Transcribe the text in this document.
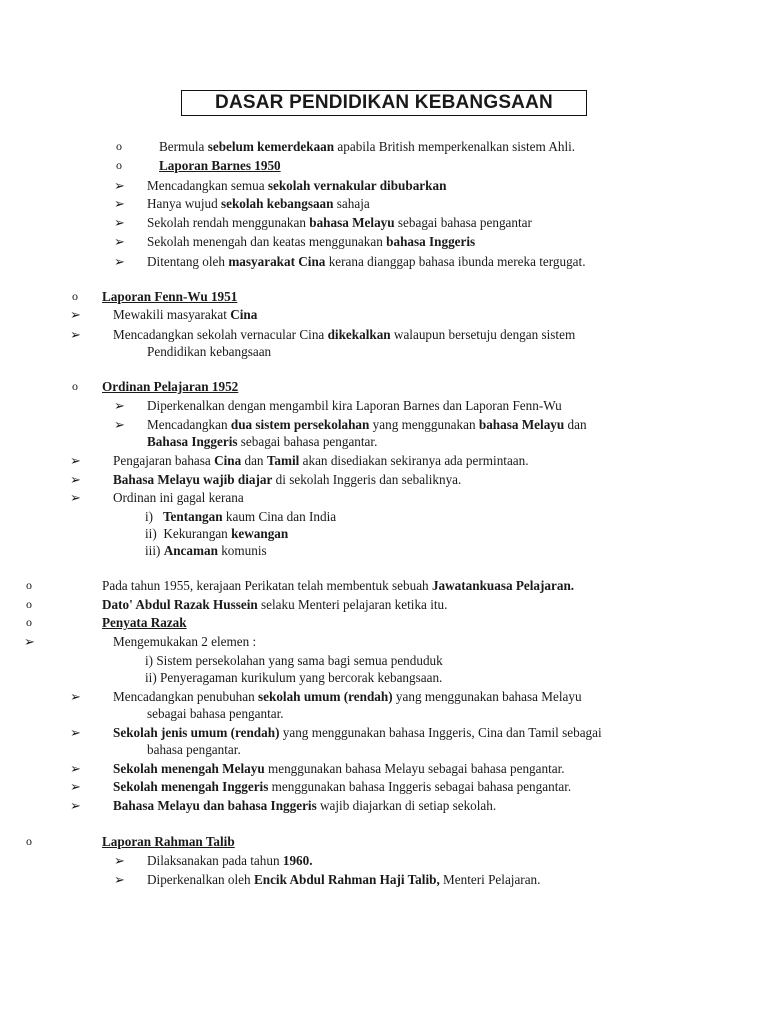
DASAR PENDIDIKAN KEBANGSAAN
o	Bermula sebelum kemerdekaan apabila British memperkenalkan sistem Ahli.
o	Laporan Barnes 1950
➢ Mencadangkan semua sekolah vernakular dibubarkan
➢ Hanya wujud sekolah kebangsaan sahaja
➢ Sekolah rendah menggunakan bahasa Melayu sebagai bahasa pengantar
➢ Sekolah menengah dan keatas menggunakan bahasa Inggeris
➢ Ditentang oleh masyarakat Cina kerana dianggap bahasa ibunda mereka tergugat.
o Laporan Fenn-Wu 1951
➢ Mewakili masyarakat Cina
➢ Mencadangkan sekolah vernacular Cina dikekalkan walaupun bersetuju dengan sistem
Pendidikan kebangsaan
o Ordinan Pelajaran 1952
➢ Diperkenalkan dengan mengambil kira Laporan Barnes dan Laporan Fenn-Wu
➢ Mencadangkan dua sistem persekolahan yang menggunakan bahasa Melayu dan
Bahasa Inggeris sebagai bahasa pengantar.
➢ Pengajaran bahasa Cina dan Tamil akan disediakan sekiranya ada permintaan.
➢ Bahasa Melayu wajib diajar di sekolah Inggeris dan sebaliknya.
➢ Ordinan ini gagal kerana
i) Tentangan kaum Cina dan India
ii) Kekurangan kewangan
iii) Ancaman komunis
o	Pada tahun 1955, kerajaan Perikatan telah membentuk sebuah Jawatankuasa Pelajaran.
o	Dato' Abdul Razak Hussein selaku Menteri pelajaran ketika itu.
o	Penyata Razak
➢	Mengemukakan 2 elemen :
i) Sistem persekolahan yang sama bagi semua penduduk
ii) Penyeragaman kurikulum yang bercorak kebangsaan.
➢ Mencadangkan penubuhan sekolah umum (rendah) yang menggunakan bahasa Melayu
sebagai bahasa pengantar.
➢ Sekolah jenis umum (rendah) yang menggunakan bahasa Inggeris, Cina dan Tamil sebagai
bahasa pengantar.
➢ Sekolah menengah Melayu menggunakan bahasa Melayu sebagai bahasa pengantar.
➢ Sekolah menengah Inggeris menggunakan bahasa Inggeris sebagai bahasa pengantar.
➢ Bahasa Melayu dan bahasa Inggeris wajib diajarkan di setiap sekolah.
o	Laporan Rahman Talib
➢ Dilaksanakan pada tahun 1960.
➢ Diperkenalkan oleh Encik Abdul Rahman Haji Talib, Menteri Pelajaran.
